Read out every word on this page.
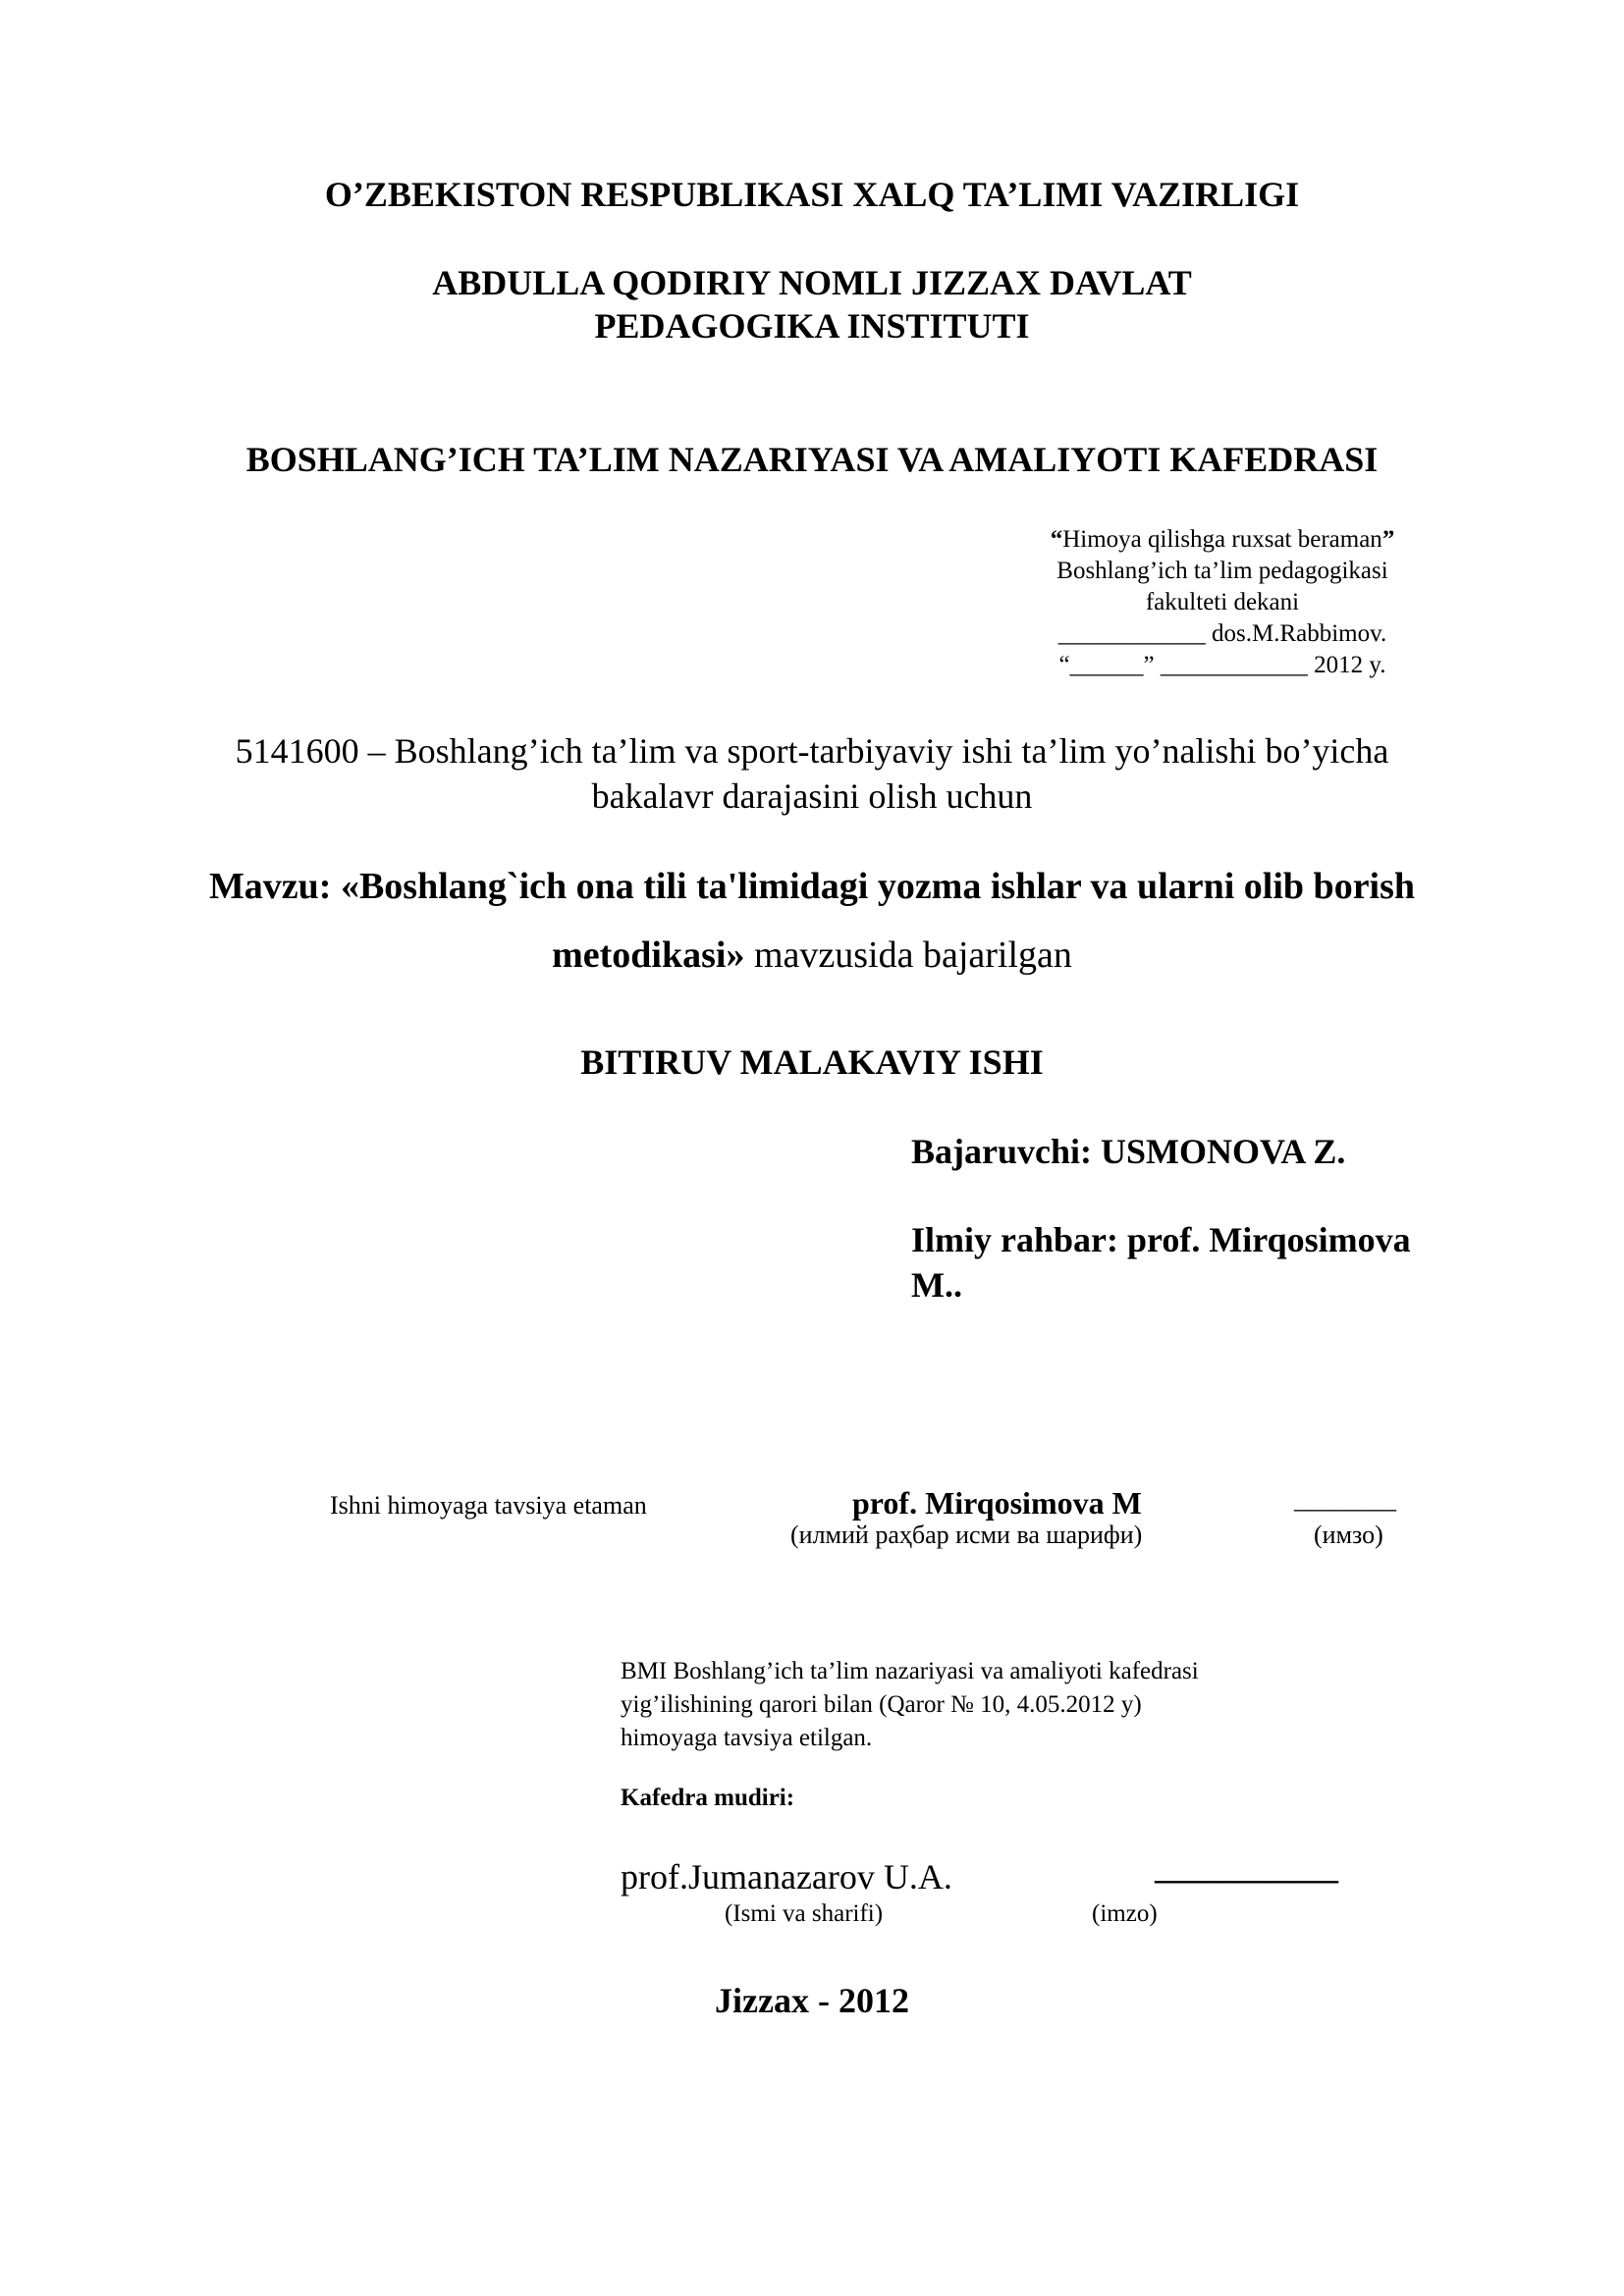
O’ZBEKISTON RESPUBLIKASI XALQ TA’LIMI VAZIRLIGI
ABDULLA QODIRIY NOMLI JIZZAX DAVLAT
PEDAGOGIKA INSTITUTI
BOSHLANG’ICH TA’LIM NAZARIYASI VA AMALIYOTI KAFEDRASI
“Himoya qilishga ruxsat beraman”
Boshlang’ich ta’lim pedagogikasi
fakulteti dekani
____________ dos.M.Rabbimov.
“______” ____________ 2012 y.
5141600 – Boshlang’ich ta’lim va sport-tarbiyaviy ishi ta’lim yo’nalishi bo’yicha
bakalavr darajasini olish uchun
Mavzu: «Boshlang`ich ona tili ta'limidagi yozma ishlar va ularni olib borish
metodikasi» mavzusida bajarilgan
BITIRUV MALAKAVIY ISHI
Bajaruvchi: USMONOVA Z.
Ilmiy rahbar: prof. Mirqosimova
M..
Ishni himoyaga tavsiya etaman	prof. Mirqosimova M
(илмий раҳбар исми ва шарифи)
________
(имзо)
BMI Boshlang’ich ta’lim nazariyasi va amaliyoti kafedrasi
yig’ilishining qarori bilan (Qaror № 10, 4.05.2012 y)
himoyaga tavsiya etilgan.
Kafedra mudiri:
prof.Jumanazarov U.A.	___________
(Ismi va sharifi)	(imzo)
Jizzax - 2012
